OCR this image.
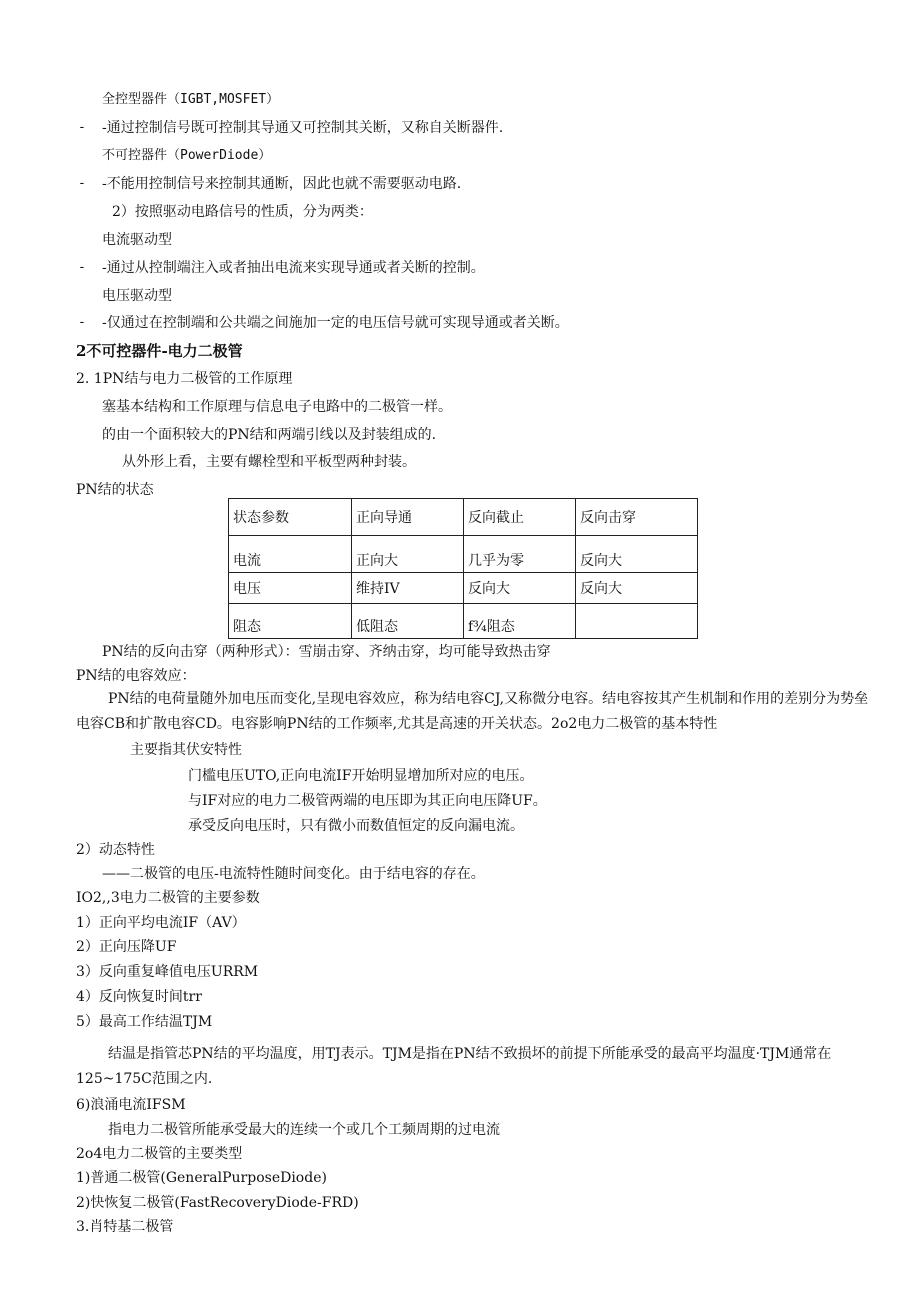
全控型器件（IGBT,MOSFET）
- -通过控制信号既可控制其导通又可控制其关断，又称自关断器件.
不可控器件（PowerDiode）
- -不能用控制信号来控制其通断，因此也就不需要驱动电路.
2）按照驱动电路信号的性质，分为两类：
电流驱动型
- -通过从控制端注入或者抽出电流来实现导通或者关断的控制。
电压驱动型
- -仅通过在控制端和公共端之间施加一定的电压信号就可实现导通或者关断。
2不可控器件-电力二极管
2. 1PN结与电力二极管的工作原理
塞基本结构和工作原理与信息电子电路中的二极管一样。
的由一个面积较大的PN结和两端引线以及封装组成的.
从外形上看，主要有螺栓型和平板型两种封装。
PN结的状态
状态参数	正向导通	反向截止	反向击穿
电流	正向大	几乎为零	反向大
电压	维持IV	反向大	反向大
阻态	低阻态	f¾阻态	
PN结的反向击穿（两种形式）：雪崩击穿、齐纳击穿，均可能导致热击穿
PN结的电容效应：
PN结的电荷量随外加电压而变化,呈现电容效应，称为结电容CJ,又称微分电容。结电容按其产生机制和作用的差别分为势垒电容CB和扩散电容CD。电容影响PN结的工作频率,尤其是高速的开关状态。2o2电力二极管的基本特性
主要指其伏安特性
门槛电压UTO,正向电流IF开始明显增加所对应的电压。
与IF对应的电力二极管两端的电压即为其正向电压降UF。
承受反向电压时，只有微小而数值恒定的反向漏电流。
2）动态特性
——二极管的电压-电流特性随时间变化。由于结电容的存在。
IO2,,3电力二极管的主要参数
1）正向平均电流IF（AV）
2）正向压降UF
3）反向重复峰值电压URRM
4）反向恢复时间trr
5）最高工作结温TJM
结温是指管芯PN结的平均温度，用TJ表示。TJM是指在PN结不致损坏的前提下所能承受的最高平均温度·TJM通常在125~175C范围之内.
6)浪涌电流IFSM
指电力二极管所能承受最大的连续一个或几个工频周期的过电流
2o4电力二极管的主要类型
1)普通二极管(GeneralPurposeDiode)
2)快恢复二极管(FastRecoveryDiode-FRD)
3.肖特基二极管
